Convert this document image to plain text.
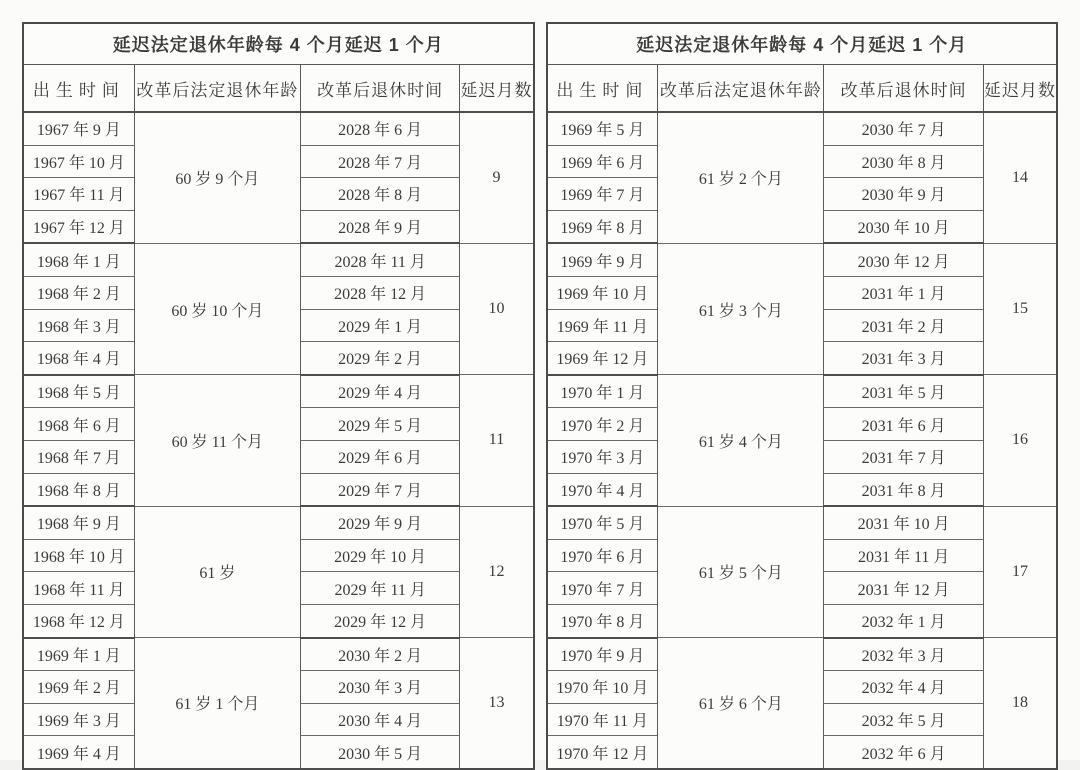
延迟法定退休年龄每 4 个月延迟 1 个月			
出生时间	改革后法定退休年龄	改革后退休时间	延迟月数
1967 年 9 月	60 岁 9 个月	2028 年 6 月	9
1967 年 10 月		2028 年 7 月	
1967 年 11 月		2028 年 8 月	
1967 年 12 月		2028 年 9 月	
1968 年 1 月	60 岁 10 个月	2028 年 11 月	10
1968 年 2 月		2028 年 12 月	
1968 年 3 月		2029 年 1 月	
1968 年 4 月		2029 年 2 月	
1968 年 5 月	60 岁 11 个月	2029 年 4 月	11
1968 年 6 月		2029 年 5 月	
1968 年 7 月		2029 年 6 月	
1968 年 8 月		2029 年 7 月	
1968 年 9 月	61 岁	2029 年 9 月	12
1968 年 10 月		2029 年 10 月	
1968 年 11 月		2029 年 11 月	
1968 年 12 月		2029 年 12 月	
1969 年 1 月	61 岁 1 个月	2030 年 2 月	13
1969 年 2 月		2030 年 3 月	
1969 年 3 月		2030 年 4 月	
1969 年 4 月		2030 年 5 月	
延迟法定退休年龄每 4 个月延迟 1 个月			
出生时间	改革后法定退休年龄	改革后退休时间	延迟月数
1969 年 5 月	61 岁 2 个月	2030 年 7 月	14
1969 年 6 月		2030 年 8 月	
1969 年 7 月		2030 年 9 月	
1969 年 8 月		2030 年 10 月	
1969 年 9 月	61 岁 3 个月	2030 年 12 月	15
1969 年 10 月		2031 年 1 月	
1969 年 11 月		2031 年 2 月	
1969 年 12 月		2031 年 3 月	
1970 年 1 月	61 岁 4 个月	2031 年 5 月	16
1970 年 2 月		2031 年 6 月	
1970 年 3 月		2031 年 7 月	
1970 年 4 月		2031 年 8 月	
1970 年 5 月	61 岁 5 个月	2031 年 10 月	17
1970 年 6 月		2031 年 11 月	
1970 年 7 月		2031 年 12 月	
1970 年 8 月		2032 年 1 月	
1970 年 9 月	61 岁 6 个月	2032 年 3 月	18
1970 年 10 月		2032 年 4 月	
1970 年 11 月		2032 年 5 月	
1970 年 12 月		2032 年 6 月	
